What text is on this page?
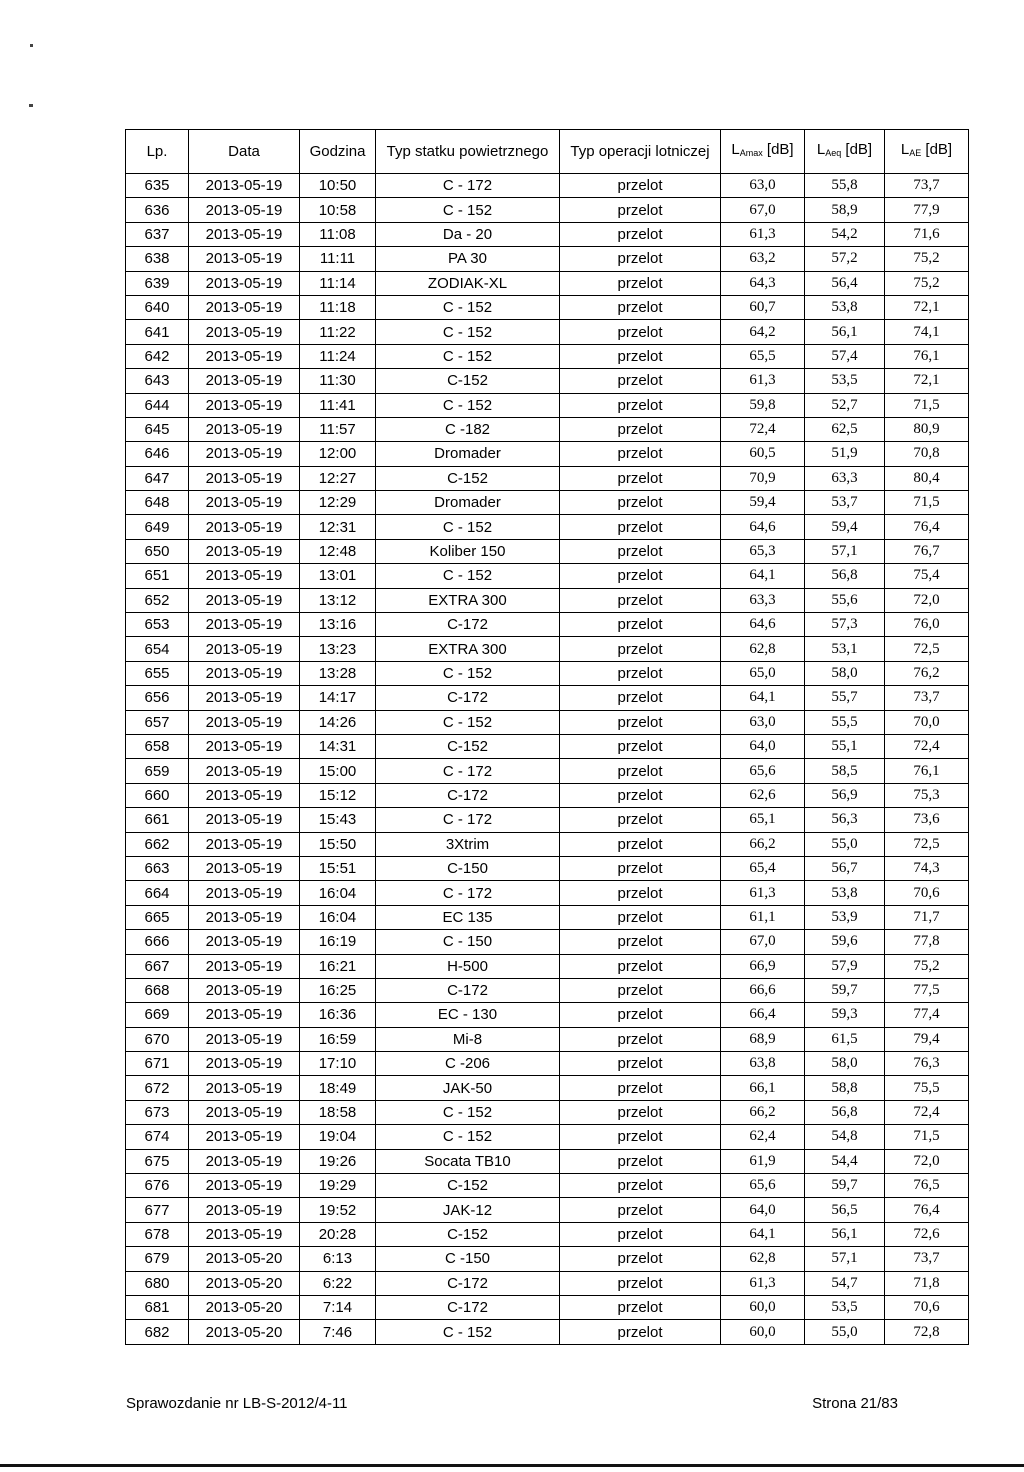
Lp.	Data	Godzina	Typ statku powietrznego	Typ operacji lotniczej	$L_{Amax}$ [dB]	$L_{Aeq}$ [dB]	$L_{AE}$ [dB]
635	2013-05-19	10:50	C - 172	przelot	63,0	55,8	73,7
636	2013-05-19	10:58	C - 152	przelot	67,0	58,9	77,9
637	2013-05-19	11:08	Da - 20	przelot	61,3	54,2	71,6
638	2013-05-19	11:11	PA 30	przelot	63,2	57,2	75,2
639	2013-05-19	11:14	ZODIAK-XL	przelot	64,3	56,4	75,2
640	2013-05-19	11:18	C - 152	przelot	60,7	53,8	72,1
641	2013-05-19	11:22	C - 152	przelot	64,2	56,1	74,1
642	2013-05-19	11:24	C - 152	przelot	65,5	57,4	76,1
643	2013-05-19	11:30	C-152	przelot	61,3	53,5	72,1
644	2013-05-19	11:41	C - 152	przelot	59,8	52,7	71,5
645	2013-05-19	11:57	C -182	przelot	72,4	62,5	80,9
646	2013-05-19	12:00	Dromader	przelot	60,5	51,9	70,8
647	2013-05-19	12:27	C-152	przelot	70,9	63,3	80,4
648	2013-05-19	12:29	Dromader	przelot	59,4	53,7	71,5
649	2013-05-19	12:31	C - 152	przelot	64,6	59,4	76,4
650	2013-05-19	12:48	Koliber 150	przelot	65,3	57,1	76,7
651	2013-05-19	13:01	C - 152	przelot	64,1	56,8	75,4
652	2013-05-19	13:12	EXTRA 300	przelot	63,3	55,6	72,0
653	2013-05-19	13:16	C-172	przelot	64,6	57,3	76,0
654	2013-05-19	13:23	EXTRA 300	przelot	62,8	53,1	72,5
655	2013-05-19	13:28	C - 152	przelot	65,0	58,0	76,2
656	2013-05-19	14:17	C-172	przelot	64,1	55,7	73,7
657	2013-05-19	14:26	C - 152	przelot	63,0	55,5	70,0
658	2013-05-19	14:31	C-152	przelot	64,0	55,1	72,4
659	2013-05-19	15:00	C - 172	przelot	65,6	58,5	76,1
660	2013-05-19	15:12	C-172	przelot	62,6	56,9	75,3
661	2013-05-19	15:43	C - 172	przelot	65,1	56,3	73,6
662	2013-05-19	15:50	3Xtrim	przelot	66,2	55,0	72,5
663	2013-05-19	15:51	C-150	przelot	65,4	56,7	74,3
664	2013-05-19	16:04	C - 172	przelot	61,3	53,8	70,6
665	2013-05-19	16:04	EC 135	przelot	61,1	53,9	71,7
666	2013-05-19	16:19	C - 150	przelot	67,0	59,6	77,8
667	2013-05-19	16:21	H-500	przelot	66,9	57,9	75,2
668	2013-05-19	16:25	C-172	przelot	66,6	59,7	77,5
669	2013-05-19	16:36	EC - 130	przelot	66,4	59,3	77,4
670	2013-05-19	16:59	Mi-8	przelot	68,9	61,5	79,4
671	2013-05-19	17:10	C -206	przelot	63,8	58,0	76,3
672	2013-05-19	18:49	JAK-50	przelot	66,1	58,8	75,5
673	2013-05-19	18:58	C - 152	przelot	66,2	56,8	72,4
674	2013-05-19	19:04	C - 152	przelot	62,4	54,8	71,5
675	2013-05-19	19:26	Socata TB10	przelot	61,9	54,4	72,0
676	2013-05-19	19:29	C-152	przelot	65,6	59,7	76,5
677	2013-05-19	19:52	JAK-12	przelot	64,0	56,5	76,4
678	2013-05-19	20:28	C-152	przelot	64,1	56,1	72,6
679	2013-05-20	6:13	C -150	przelot	62,8	57,1	73,7
680	2013-05-20	6:22	C-172	przelot	61,3	54,7	71,8
681	2013-05-20	7:14	C-172	przelot	60,0	53,5	70,6
682	2013-05-20	7:46	C - 152	przelot	60,0	55,0	72,8
Sprawozdanie nr LB-S-2012/4-11	Strona 21/83
